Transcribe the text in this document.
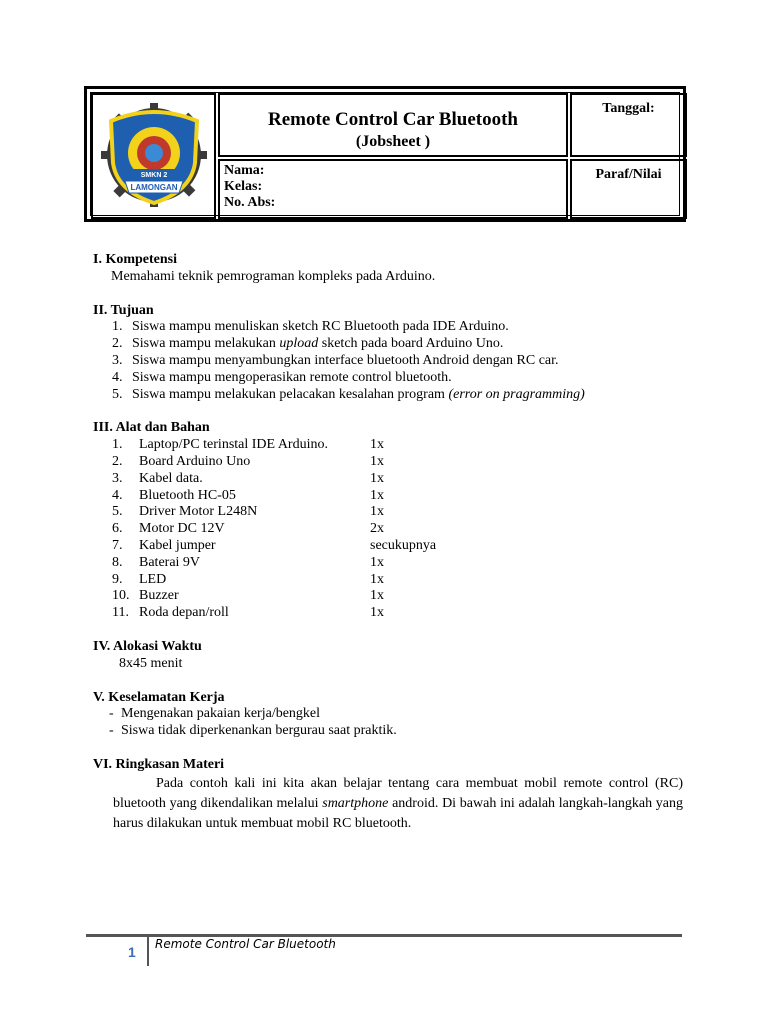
SMKN 2
LAMONGAN
Remote Control Car Bluetooth
(Jobsheet )
Tanggal:
Nama:
Kelas:
No. Abs:
Paraf/Nilai
I. Kompetensi
Memahami teknik pemrograman kompleks pada Arduino.
II. Tujuan
1. Siswa mampu menuliskan sketch RC Bluetooth pada IDE Arduino.
2. Siswa mampu melakukan upload sketch pada board Arduino Uno.
3. Siswa mampu menyambungkan interface bluetooth Android dengan RC car.
4. Siswa mampu mengoperasikan remote control bluetooth.
5. Siswa mampu melakukan pelacakan kesalahan program (error on pragramming)
III. Alat dan Bahan
1.	Laptop/PC terinstal IDE Arduino.	1x
2.	Board Arduino Uno	1x
3.	Kabel data.	1x
4.	Bluetooth HC-05	1x
5.	Driver Motor L248N	1x
6.	Motor DC 12V	2x
7.	Kabel jumper	secukupnya
8.	Baterai 9V	1x
9.	LED	1x
10. Buzzer	1x
11. Roda depan/roll	1x
IV. Alokasi Waktu
8x45 menit
V. Keselamatan Kerja
- Mengenakan pakaian kerja/bengkel
- Siswa tidak diperkenankan bergurau saat praktik.
VI. Ringkasan Materi
Pada contoh kali ini kita akan belajar tentang cara membuat mobil remote control (RC) bluetooth yang dikendalikan melalui smartphone android. Di bawah ini adalah langkah-langkah yang harus dilakukan untuk membuat mobil RC bluetooth.
1 Remote Control Car Bluetooth
